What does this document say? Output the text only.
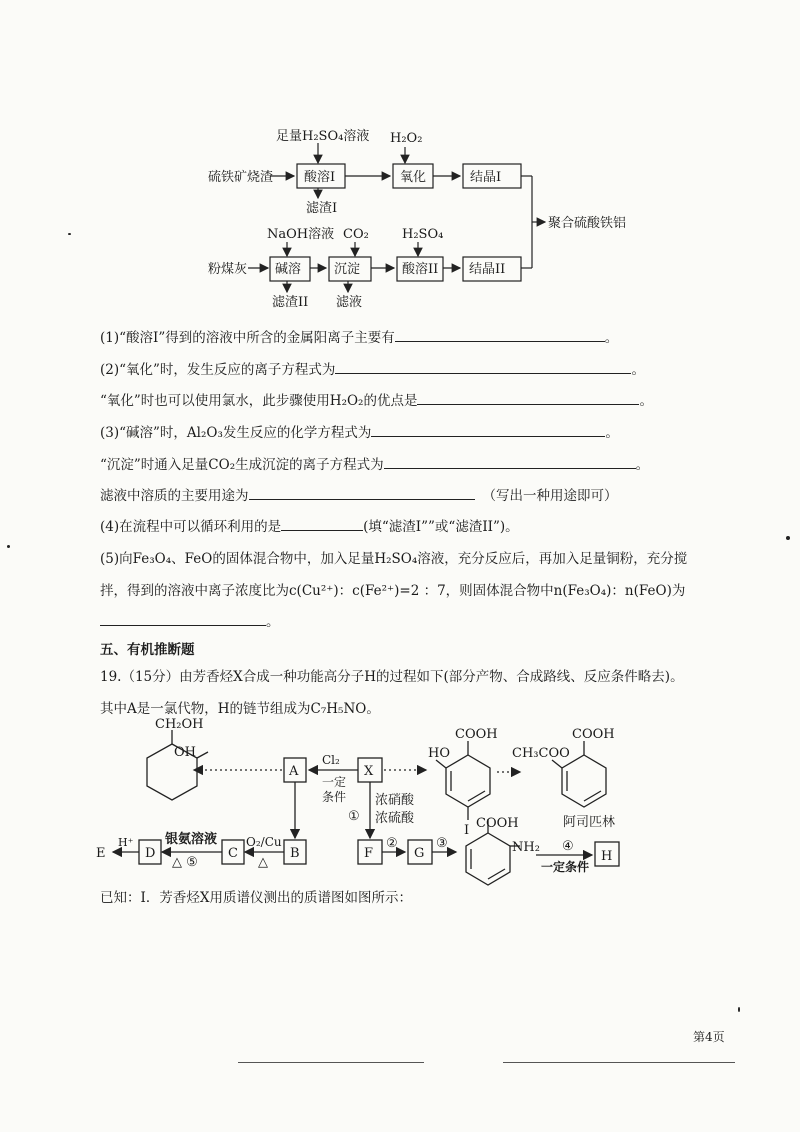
足量H₂SO₄溶液
硫铁矿烧渣 酸溶I
滤渣I
H₂O₂
氧化	结晶I
NaOH溶液 CO₂	H₂SO₄
粉煤灰 碱溶	沉淀	酸溶II 结晶II
滤渣II 滤液
聚合硫酸铁铝
(1)“酸溶I”得到的溶液中所含的金属阳离子主要有	。
(2)“氧化”时，发生反应的离子方程式为	。
“氧化”时也可以使用氯水，此步骤使用H₂O₂的优点是	。
(3)“碱溶”时，Al₂O₃发生反应的化学方程式为	。
“沉淀”时通入足量CO₂生成沉淀的离子方程式为	。
滤液中溶质的主要用途为	（写出一种用途即可）
(4)在流程中可以循环利用的是	(填“滤渣I””或“滤渣II”)。
(5)向Fe₃O₄、FeO的固体混合物中，加入足量H₂SO₄溶液，充分反应后，再加入足量铜粉，充分搅
拌，得到的溶液中离子浓度比为c(Cu²⁺)：c(Fe²⁺)=2 ：7，则固体混合物中n(Fe₃O₄)：n(FeO)为
。
五、有机推断题
19.（15分）由芳香烃X合成一种功能高分子H的过程如下(部分产物、合成路线、反应条件略去)。
其中A是一氯代物，H的链节组成为C₇H₅NO。
CH₂OH
OH
A	X
Cl₂
一定
条件
HO
COOH
I
CH₃COO
COOH
阿司匹林
①
浓硝酸
浓硫酸
E
H⁺
D
银氨溶液
△ ⑤
C
O₂/Cu
△
B	F
②
G
③
COOH
NH₂ ④
一定条件
H
已知：I．芳香烃X用质谱仪测出的质谱图如图所示：
第4页
